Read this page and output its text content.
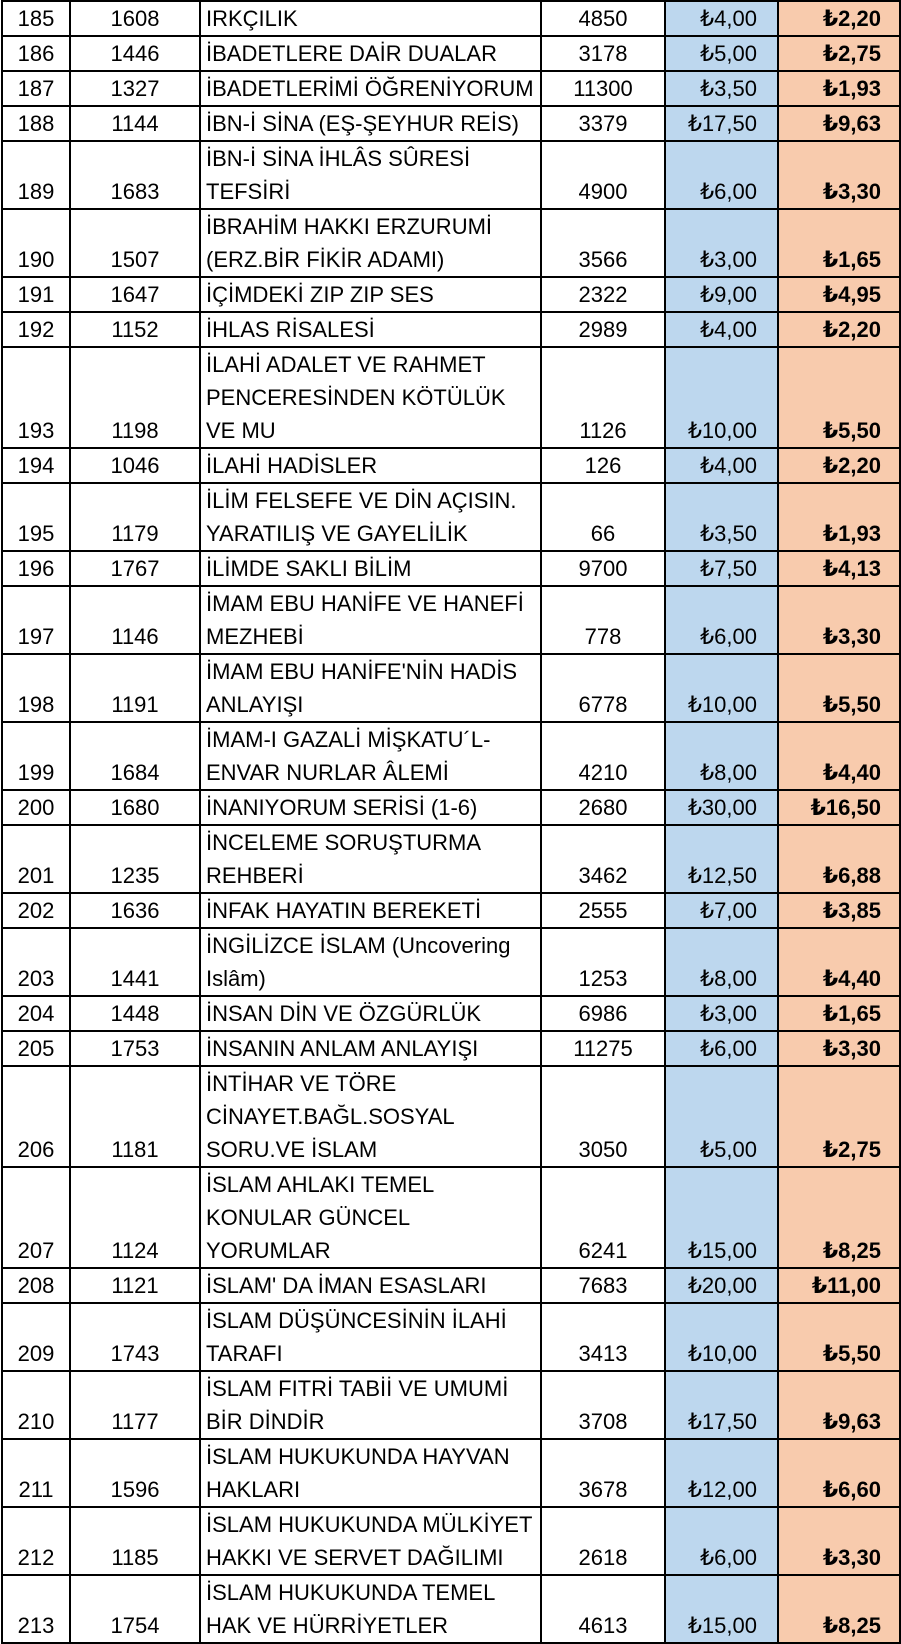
185	1608	IRKÇILIK	4850	₺4,00	₺2,20
186	1446	İBADETLERE DAİR DUALAR	3178	₺5,00	₺2,75
187	1327	İBADETLERİMİ ÖĞRENİYORUM	11300	₺3,50	₺1,93
188	1144	İBN-İ SİNA (EŞ-ŞEYHUR REİS)	3379	₺17,50	₺9,63
189	1683	İBN-İ SİNA İHLÂS SÛRESİ TEFSİRİ	4900	₺6,00	₺3,30
190	1507	İBRAHİM HAKKI ERZURUMİ (ERZ.BİR FİKİR ADAMI)	3566	₺3,00	₺1,65
191	1647	İÇİMDEKİ ZIP ZIP SES	2322	₺9,00	₺4,95
192	1152	İHLAS RİSALESİ	2989	₺4,00	₺2,20
193	1198	İLAHİ ADALET VE RAHMET PENCERESİNDEN KÖTÜLÜK VE MU	1126	₺10,00	₺5,50
194	1046	İLAHİ HADİSLER	126	₺4,00	₺2,20
195	1179	İLİM FELSEFE VE DİN AÇISIN. YARATILIŞ VE GAYELİLİK	66	₺3,50	₺1,93
196	1767	İLİMDE SAKLI BİLİM	9700	₺7,50	₺4,13
197	1146	İMAM EBU HANİFE VE HANEFİ MEZHEBİ	778	₺6,00	₺3,30
198	1191	İMAM EBU HANİFE'NİN HADİS ANLAYIŞI	6778	₺10,00	₺5,50
199	1684	İMAM-I GAZALİ MİŞKATU´L-ENVAR NURLAR ÂLEMİ	4210	₺8,00	₺4,40
200	1680	İNANIYORUM SERİSİ (1-6)	2680	₺30,00	₺16,50
201	1235	İNCELEME SORUŞTURMA REHBERİ	3462	₺12,50	₺6,88
202	1636	İNFAK HAYATIN BEREKETİ	2555	₺7,00	₺3,85
203	1441	İNGİLİZCE İSLAM (Uncovering Islâm)	1253	₺8,00	₺4,40
204	1448	İNSAN DİN VE ÖZGÜRLÜK	6986	₺3,00	₺1,65
205	1753	İNSANIN ANLAM ANLAYIŞI	11275	₺6,00	₺3,30
206	1181	İNTİHAR VE TÖRE CİNAYET.BAĞL.SOSYAL SORU.VE İSLAM	3050	₺5,00	₺2,75
207	1124	İSLAM AHLAKI TEMEL KONULAR GÜNCEL YORUMLAR	6241	₺15,00	₺8,25
208	1121	İSLAM' DA İMAN ESASLARI	7683	₺20,00	₺11,00
209	1743	İSLAM DÜŞÜNCESİNİN İLAHİ TARAFI	3413	₺10,00	₺5,50
210	1177	İSLAM FITRİ TABİİ VE UMUMİ BİR DİNDİR	3708	₺17,50	₺9,63
211	1596	İSLAM HUKUKUNDA HAYVAN HAKLARI	3678	₺12,00	₺6,60
212	1185	İSLAM HUKUKUNDA MÜLKİYET HAKKI VE SERVET DAĞILIMI	2618	₺6,00	₺3,30
213	1754	İSLAM HUKUKUNDA TEMEL HAK VE HÜRRİYETLER	4613	₺15,00	₺8,25
